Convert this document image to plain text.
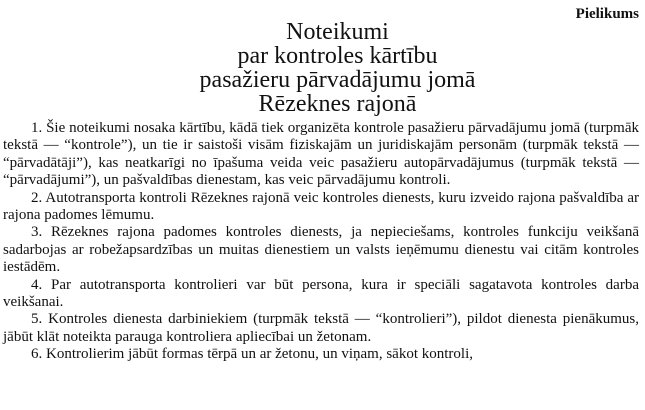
Pielikums
Noteikumi
par kontroles kārtību
pasažieru pārvadājumu jomā
Rēzeknes rajonā

1. Šie noteikumi nosaka kārtību, kādā tiek organizēta kontrole pasažieru pārvadājumu jomā (turpmāk tekstā — “kontrole”), un tie ir saistoši visām fiziskajām un juridiskajām personām (turpmāk tekstā — “pārvadātāji”), kas neatkarīgi no īpašuma veida veic pasažieru autopārvadājumus (turpmāk tekstā — “pārvadājumi”), un pašvaldības dienestam, kas veic pārvadājumu kontroli.

2. Autotransporta kontroli Rēzeknes rajonā veic kontroles dienests, kuru izveido rajona pašvaldība ar rajona padomes lēmumu.

3. Rēzeknes rajona padomes kontroles dienests, ja nepieciešams, kontroles funkciju veikšanā sadarbojas ar robežapsardzības un muitas dienestiem un valsts ieņēmumu dienestu vai citām kontroles iestādēm.

4. Par autotransporta kontrolieri var būt persona, kura ir speciāli sagatavota kontroles darba veikšanai.

5. Kontroles dienesta darbiniekiem (turpmāk tekstā — “kontrolieri”), pildot dienesta pienākumus, jābūt klāt noteikta parauga kontroliera apliecībai un žetonam.

6. Kontrolierim jābūt formas tērpā un ar žetonu, un viņam, sākot kontroli,
